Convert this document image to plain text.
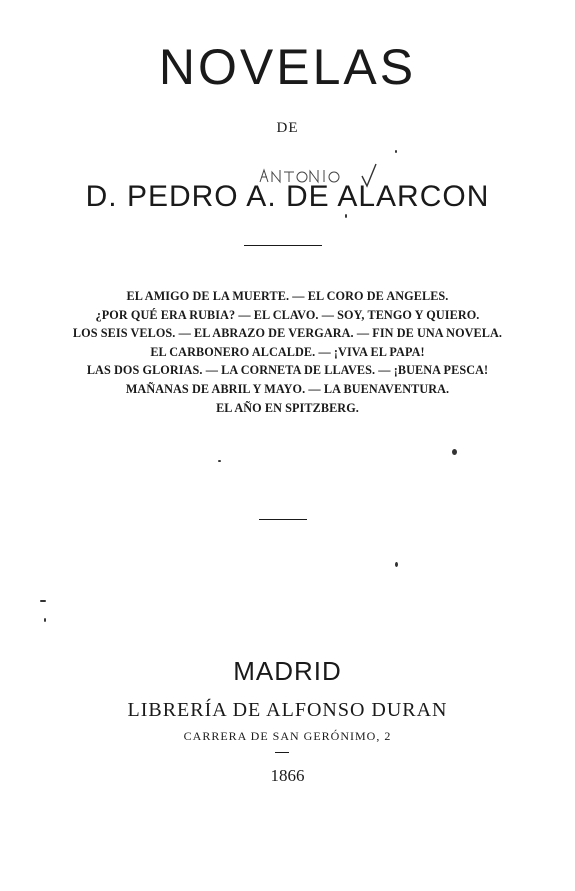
NOVELAS
DE
D. PEDRO A. DE ALARCON
EL AMIGO DE LA MUERTE. — EL CORO DE ANGELES.
¿POR QUÉ ERA RUBIA? — EL CLAVO. — SOY, TENGO Y QUIERO.
LOS SEIS VELOS. — EL ABRAZO DE VERGARA. — FIN DE UNA NOVELA.
EL CARBONERO ALCALDE. — ¡VIVA EL PAPA!
LAS DOS GLORIAS. — LA CORNETA DE LLAVES. — ¡BUENA PESCA!
MAÑANAS DE ABRIL Y MAYO. — LA BUENAVENTURA.
EL AÑO EN SPITZBERG.
MADRID
LIBRERÍA DE ALFONSO DURAN
CARRERA DE SAN GERÓNIMO, 2
1866
